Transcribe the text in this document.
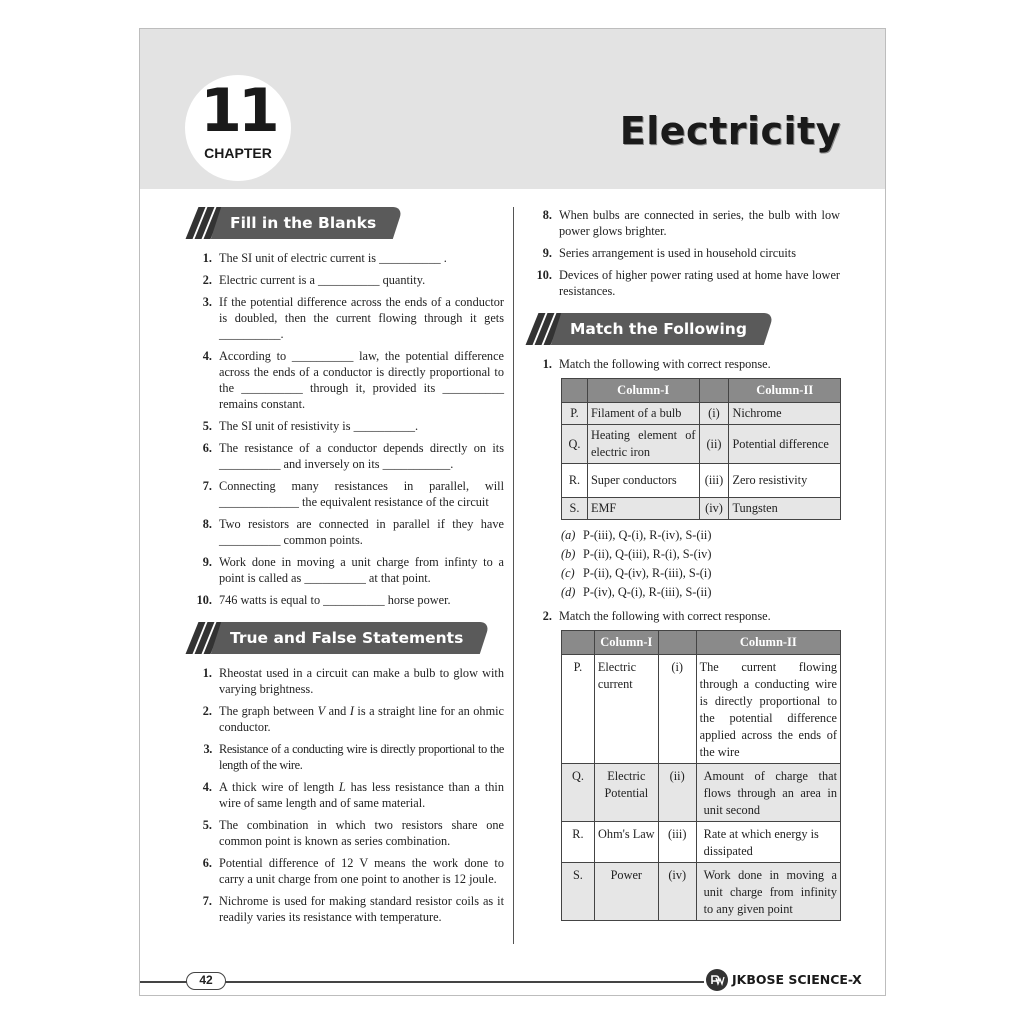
11
CHAPTER	Electricity
Fill in the Blanks
1. The SI unit of electric current is __________ .
2. Electric current is a __________ quantity.
3. If the potential difference across the ends of a conductor is doubled, then the current flowing through it gets __________.
4. According to __________ law, the potential difference across the ends of a conductor is directly proportional to the __________ through it, provided its __________ remains constant.
5. The SI unit of resistivity is __________.
6. The resistance of a conductor depends directly on its __________ and inversely on its ___________.
7. Connecting many resistances in parallel, will _____________ the equivalent resistance of the circuit
8. Two resistors are connected in parallel if they have __________ common points.
9. Work done in moving a unit charge from infinty to a point is called as __________ at that point.
10. 746 watts is equal to __________ horse power.
True and False Statements
1. Rheostat used in a circuit can make a bulb to glow with varying brightness.
2. The graph between V and I is a straight line for an ohmic conductor.
3. Resistance of a conducting wire is directly proportional to the length of the wire.
4. A thick wire of length L has less resistance than a thin wire of same length and of same material.
5. The combination in which two resistors share one common point is known as series combination.
6. Potential difference of 12 V means the work done to carry a unit charge from one point to another is 12 joule.
7. Nichrome is used for making standard resistor coils as it readily varies its resistance with temperature.
8. When bulbs are connected in series, the bulb with low power glows brighter.
9. Series arrangement is used in household circuits
10. Devices of higher power rating used at home have lower resistances.
Match the Following
1. Match the following with correct response.
	Column-I		Column-II
P.	Filament of a bulb	(i)	Nichrome
Q.	Heating element of electric iron	(ii)	Potential difference
R.	Super conductors	(iii)	Zero resistivity
S.	EMF	(iv)	Tungsten
(a) P-(iii), Q-(i), R-(iv), S-(ii)
(b) P-(ii), Q-(iii), R-(i), S-(iv)
(c) P-(ii), Q-(iv), R-(iii), S-(i)
(d) P-(iv), Q-(i), R-(iii), S-(ii)
2. Match the following with correct response.
	Column-I		Column-II
P.	Electric current	(i)	The current flowing through a conducting wire is directly proportional to the potential difference applied across the ends of the wire
Q.	Electric Potential	(ii)	Amount of charge that flows through an area in unit second
R.	Ohm's Law	(iii)	Rate at which energy is dissipated
S.	Power	(iv)	Work done in moving a unit charge from infinity to any given point
42	JKBOSE SCIENCE-X
